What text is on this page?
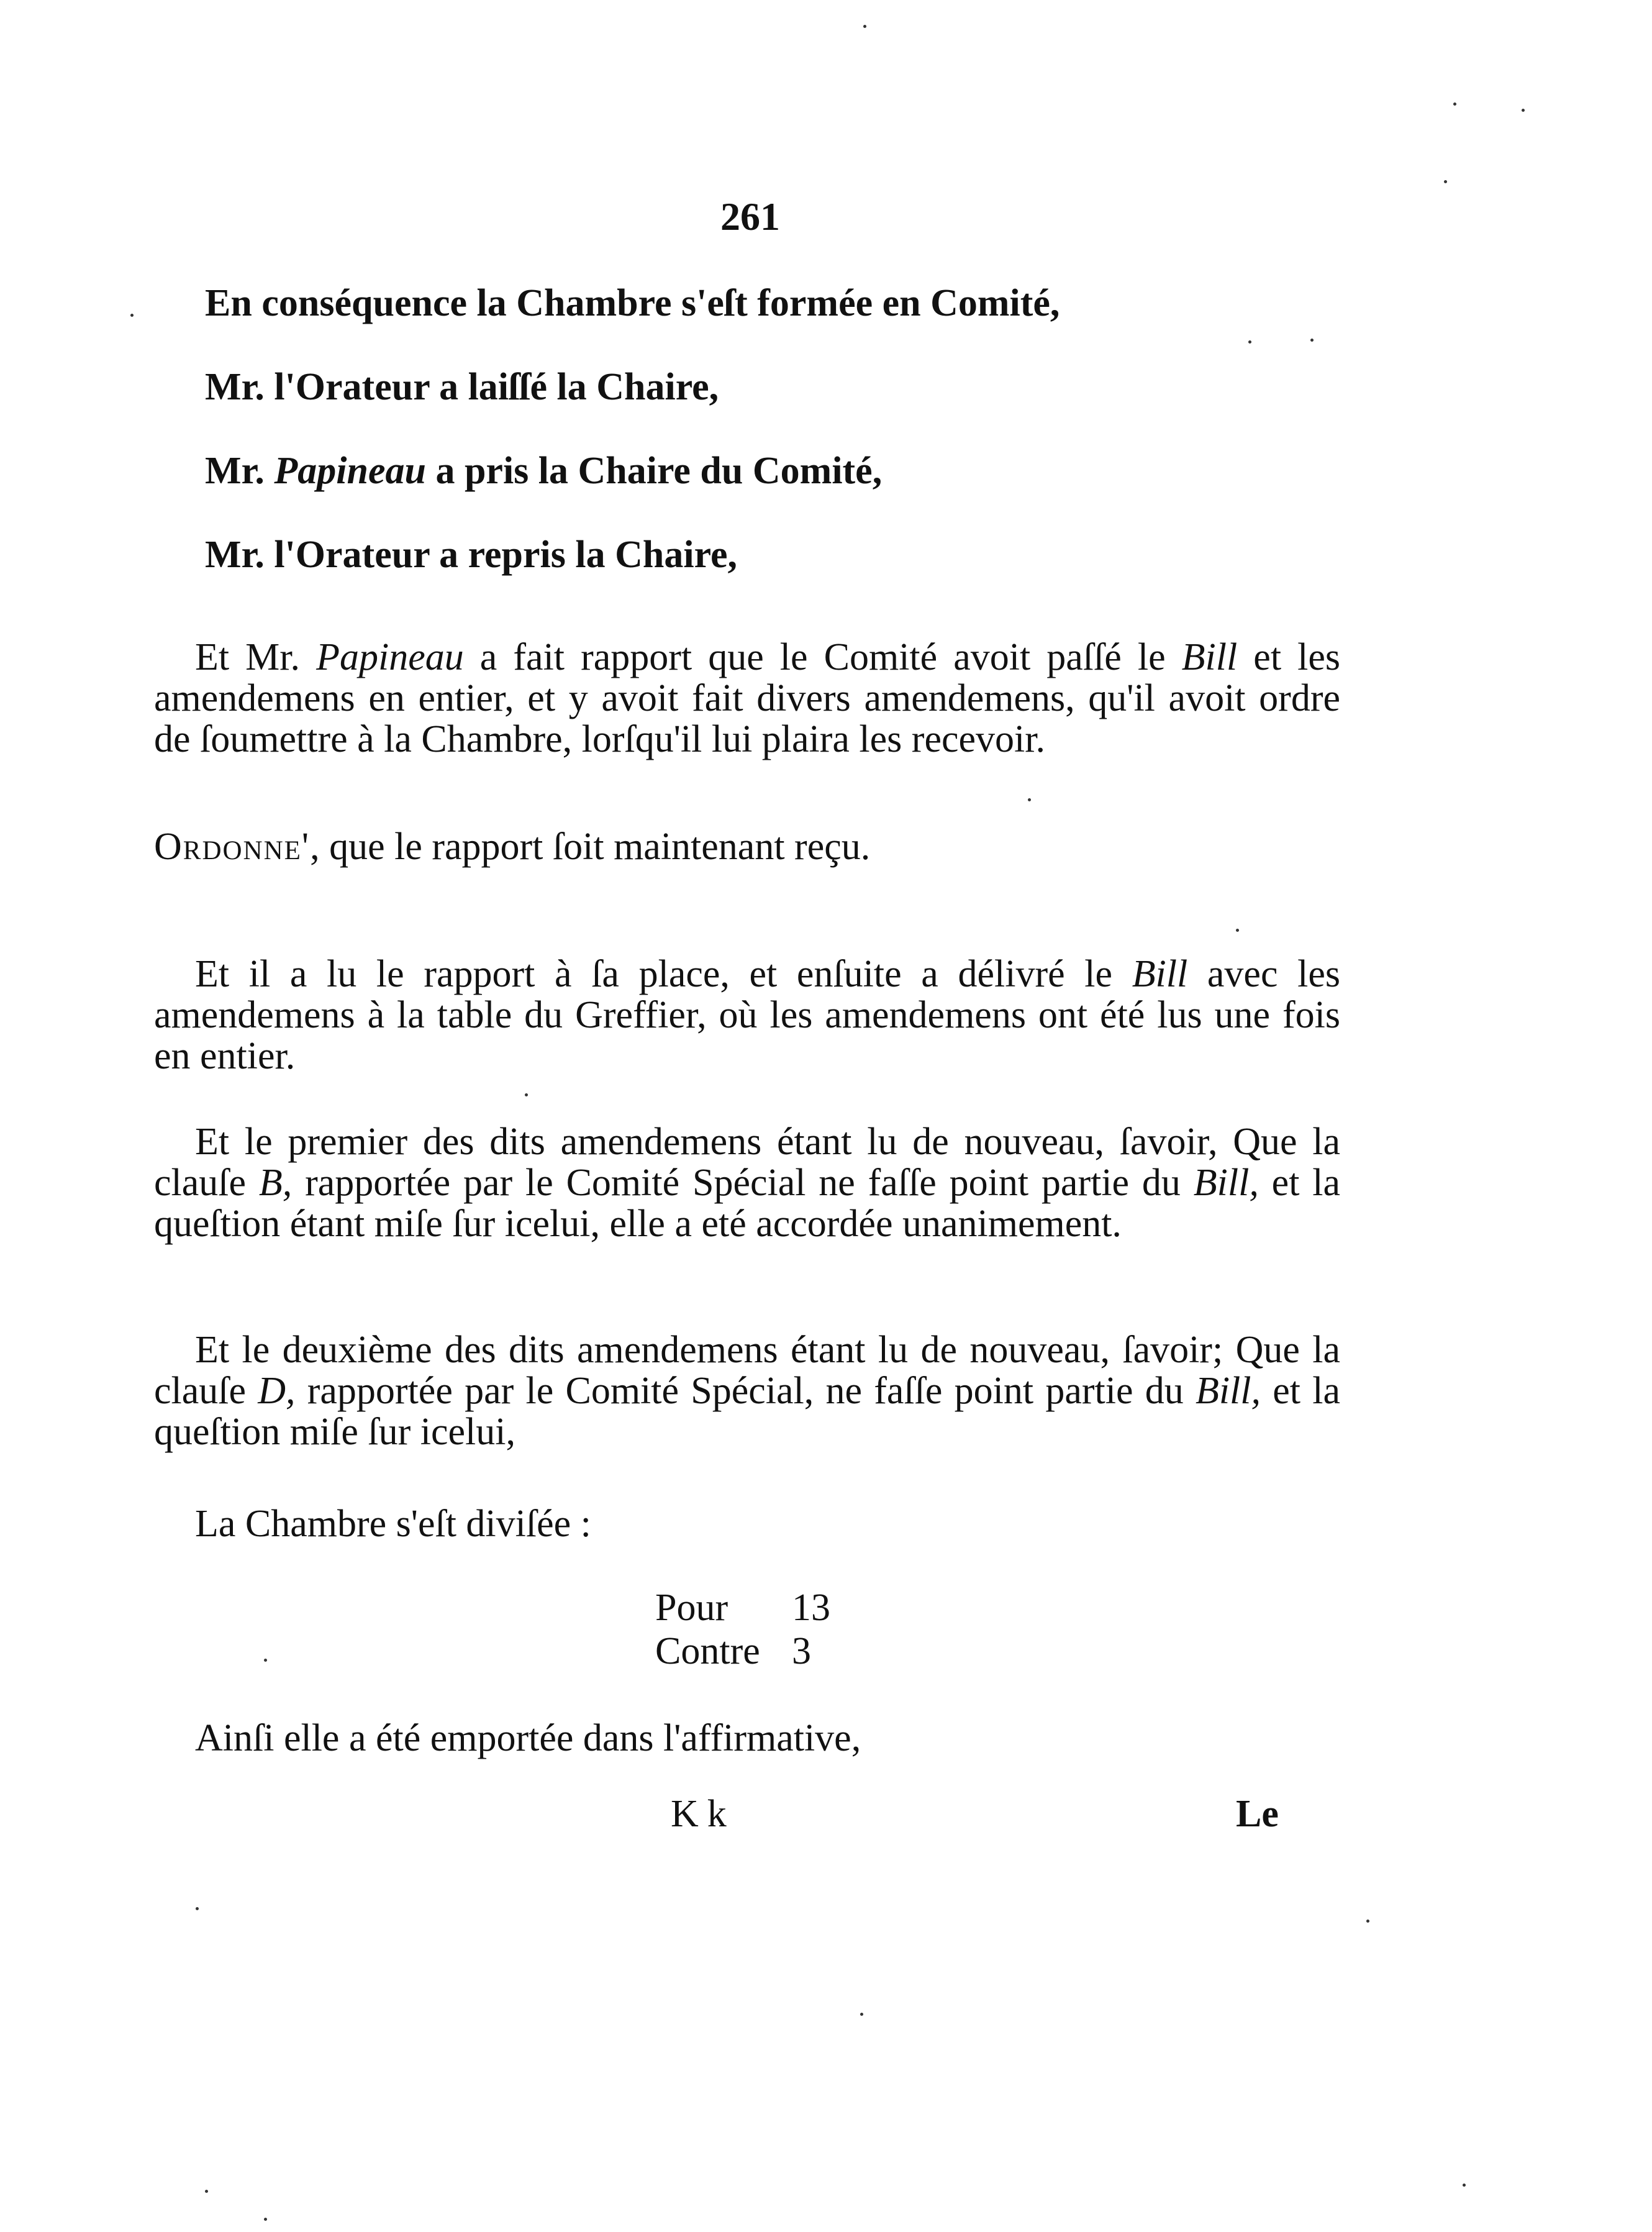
261
En conséquence la Chambre s'eſt formée en Comité,
Mr. l'Orateur a laiſſé la Chaire,
Mr. Papineau a pris la Chaire du Comité,
Mr. l'Orateur a repris la Chaire,
Et Mr. Papineau a fait rapport que le Comité avoit paſſé le Bill et les amendemens en entier, et y avoit fait divers amendemens, qu'il avoit ordre de ſoumettre à la Chambre, lorſqu'il lui plaira les recevoir.
Ordonne', que le rapport ſoit maintenant reçu.
Et il a lu le rapport à ſa place, et enſuite a délivré le Bill avec les amendemens à la table du Greffier, où les amendemens ont été lus une fois en entier.
Et le premier des dits amendemens étant lu de nouveau, ſavoir, Que la clauſe B, rapportée par le Comité Spécial ne faſſe point partie du Bill, et la queſtion étant miſe ſur icelui, elle a eté accordée unanimement.
Et le deuxième des dits amendemens étant lu de nouveau, ſavoir; Que la clauſe D, rapportée par le Comité Spécial, ne faſſe point partie du Bill, et la queſtion miſe ſur icelui,
La Chambre s'eſt diviſée :
Pour 13
Contre 3
Ainſi elle a été emportée dans l'affirmative,
Kk	Le
